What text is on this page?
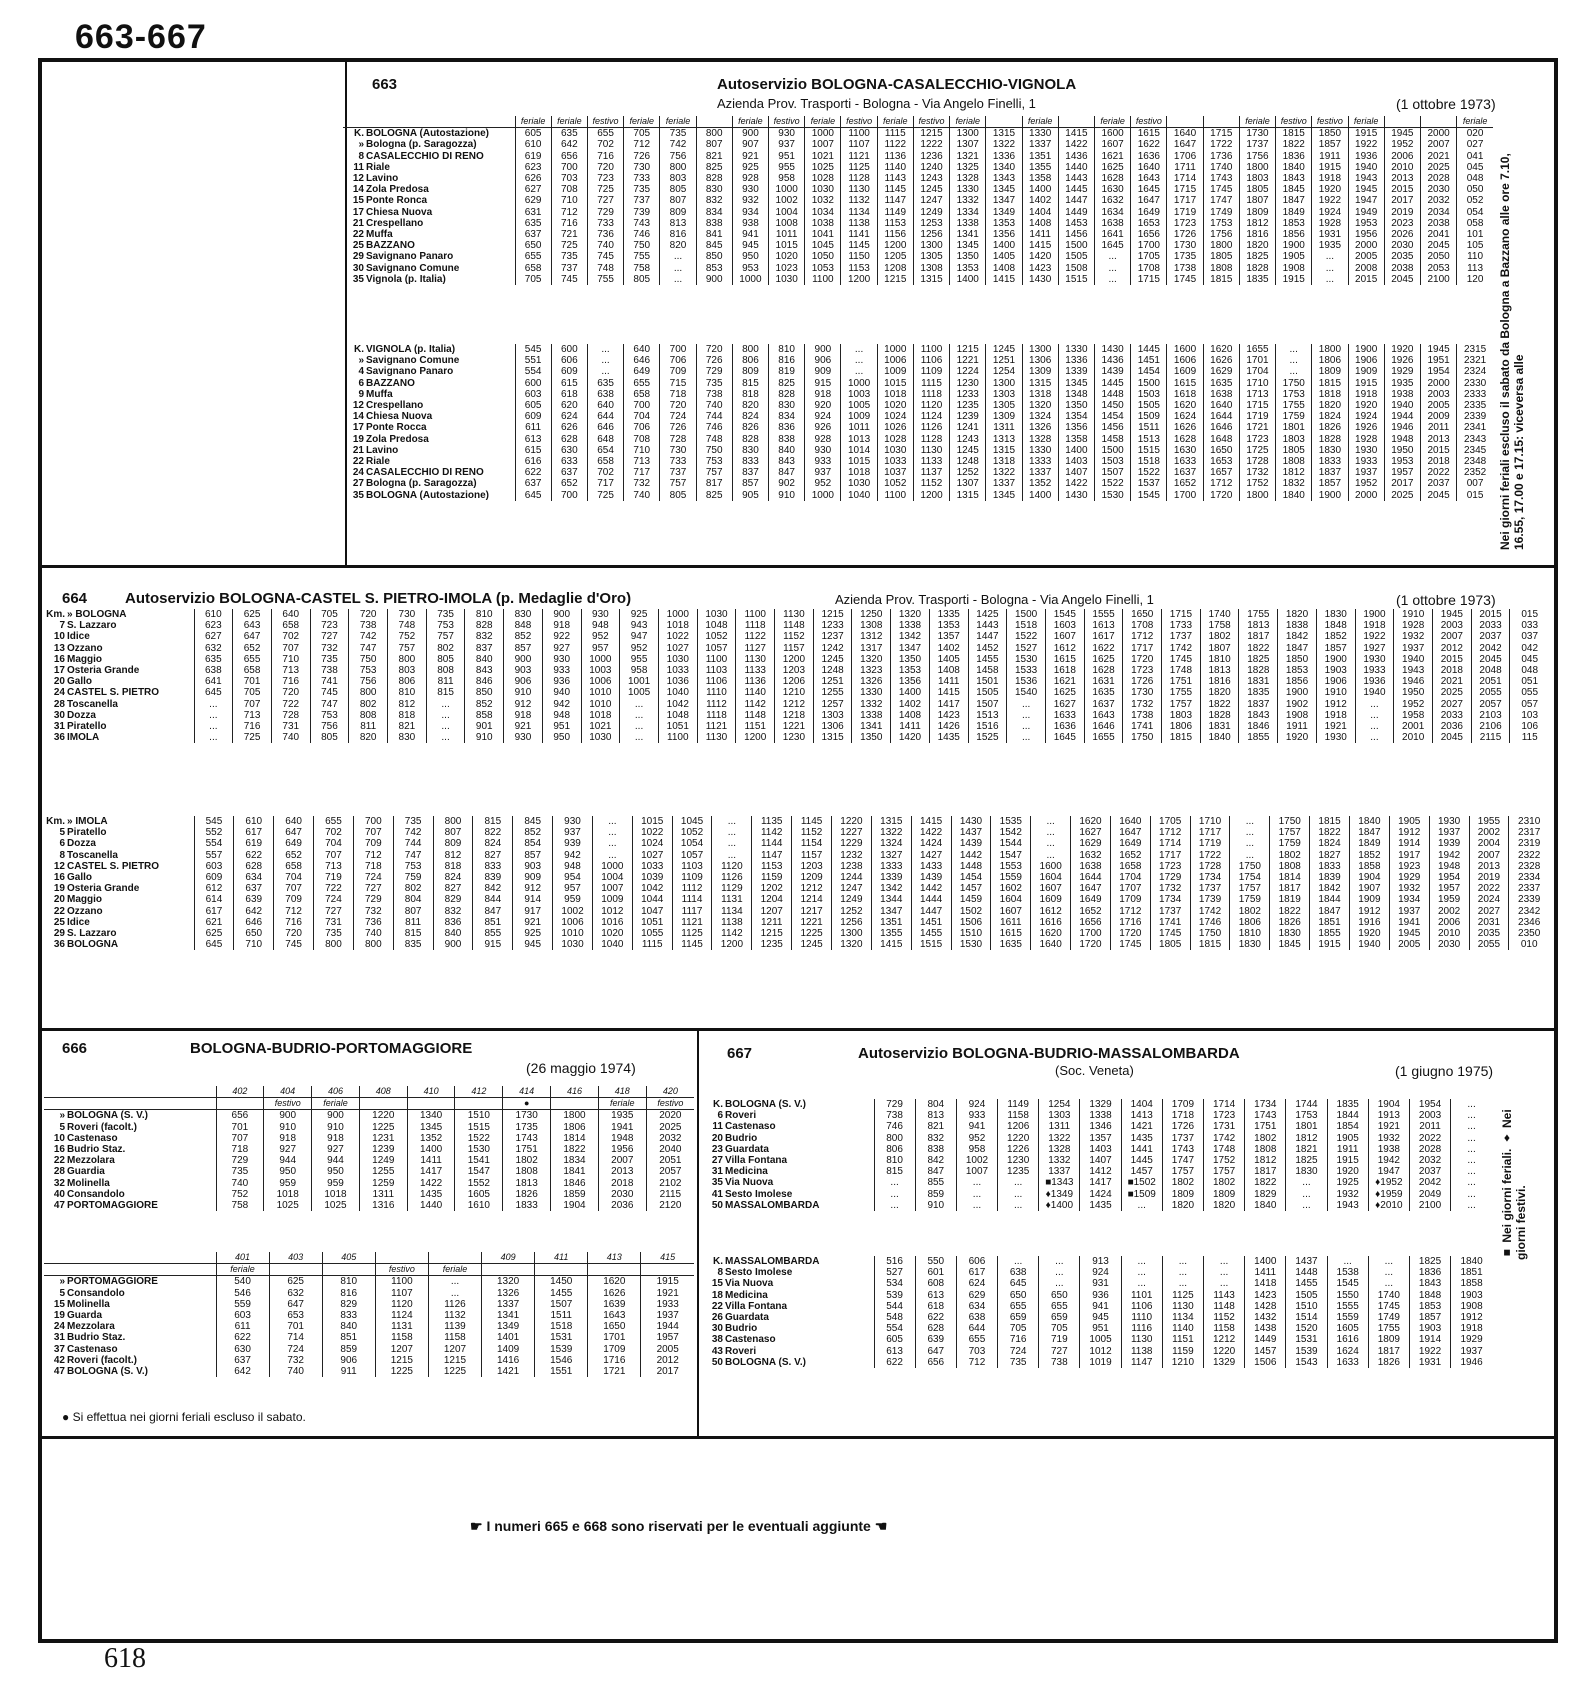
663-667
663	Autoservizio BOLOGNA-CASALECCHIO-VIGNOLA
Azienda Prov. Trasporti - Bologna - Via Angelo Finelli, 1	(1 ottobre 1973)
		feriale	feriale	festivo	feriale	feriale		feriale	festivo	feriale	festivo	feriale	festivo	feriale		feriale		feriale	festivo			feriale	festivo	festivo	feriale			feriale
K.	BOLOGNA (Autostazione)	605	635	655	705	735	800	900	930	1000	1100	1115	1215	1300	1315	1330	1415	1600	1615	1640	1715	1730	1815	1850	1915	1945	2000	020
»	Bologna (p. Saragozza)	610	642	702	712	742	807	907	937	1007	1107	1122	1222	1307	1322	1337	1422	1607	1622	1647	1722	1737	1822	1857	1922	1952	2007	027
8	CASALECCHIO DI RENO	619	656	716	726	756	821	921	951	1021	1121	1136	1236	1321	1336	1351	1436	1621	1636	1706	1736	1756	1836	1911	1936	2006	2021	041
11	Riale	623	700	720	730	800	825	925	955	1025	1125	1140	1240	1325	1340	1355	1440	1625	1640	1711	1740	1800	1840	1915	1940	2010	2025	045
12	Lavino	626	703	723	733	803	828	928	958	1028	1128	1143	1243	1328	1343	1358	1443	1628	1643	1714	1743	1803	1843	1918	1943	2013	2028	048
14	Zola Predosa	627	708	725	735	805	830	930	1000	1030	1130	1145	1245	1330	1345	1400	1445	1630	1645	1715	1745	1805	1845	1920	1945	2015	2030	050
15	Ponte Ronca	629	710	727	737	807	832	932	1002	1032	1132	1147	1247	1332	1347	1402	1447	1632	1647	1717	1747	1807	1847	1922	1947	2017	2032	052
17	Chiesa Nuova	631	712	729	739	809	834	934	1004	1034	1134	1149	1249	1334	1349	1404	1449	1634	1649	1719	1749	1809	1849	1924	1949	2019	2034	054
21	Crespellano	635	716	733	743	813	838	938	1008	1038	1138	1153	1253	1338	1353	1408	1453	1638	1653	1723	1753	1812	1853	1928	1953	2023	2038	058
22	Muffa	637	721	736	746	816	841	941	1011	1041	1141	1156	1256	1341	1356	1411	1456	1641	1656	1726	1756	1816	1856	1931	1956	2026	2041	101
25	BAZZANO	650	725	740	750	820	845	945	1015	1045	1145	1200	1300	1345	1400	1415	1500	1645	1700	1730	1800	1820	1900	1935	2000	2030	2045	105
29	Savignano Panaro	655	735	745	755	...	850	950	1020	1050	1150	1205	1305	1350	1405	1420	1505	...	1705	1735	1805	1825	1905	...	2005	2035	2050	110
30	Savignano Comune	658	737	748	758	...	853	953	1023	1053	1153	1208	1308	1353	1408	1423	1508	...	1708	1738	1808	1828	1908	...	2008	2038	2053	113
35	Vignola (p. Italia)	705	745	755	805	...	900	1000	1030	1100	1200	1215	1315	1400	1415	1430	1515	...	1715	1745	1815	1835	1915	...	2015	2045	2100	120
K.	VIGNOLA (p. Italia)	545	600	...	640	700	720	800	810	900	...	1000	1100	1215	1245	1300	1330	1430	1445	1600	1620	1655	...	1800	1900	1920	1945	2315
»	Savignano Comune	551	606	...	646	706	726	806	816	906	...	1006	1106	1221	1251	1306	1336	1436	1451	1606	1626	1701	...	1806	1906	1926	1951	2321
4	Savignano Panaro	554	609	...	649	709	729	809	819	909	...	1009	1109	1224	1254	1309	1339	1439	1454	1609	1629	1704	...	1809	1909	1929	1954	2324
6	BAZZANO	600	615	635	655	715	735	815	825	915	1000	1015	1115	1230	1300	1315	1345	1445	1500	1615	1635	1710	1750	1815	1915	1935	2000	2330
9	Muffa	603	618	638	658	718	738	818	828	918	1003	1018	1118	1233	1303	1318	1348	1448	1503	1618	1638	1713	1753	1818	1918	1938	2003	2333
12	Crespellano	605	620	640	700	720	740	820	830	920	1005	1020	1120	1235	1305	1320	1350	1450	1505	1620	1640	1715	1755	1820	1920	1940	2005	2335
14	Chiesa Nuova	609	624	644	704	724	744	824	834	924	1009	1024	1124	1239	1309	1324	1354	1454	1509	1624	1644	1719	1759	1824	1924	1944	2009	2339
17	Ponte Rocca	611	626	646	706	726	746	826	836	926	1011	1026	1126	1241	1311	1326	1356	1456	1511	1626	1646	1721	1801	1826	1926	1946	2011	2341
19	Zola Predosa	613	628	648	708	728	748	828	838	928	1013	1028	1128	1243	1313	1328	1358	1458	1513	1628	1648	1723	1803	1828	1928	1948	2013	2343
21	Lavino	615	630	654	710	730	750	830	840	930	1014	1030	1130	1245	1315	1330	1400	1500	1515	1630	1650	1725	1805	1830	1930	1950	2015	2345
22	Riale	616	633	658	713	733	753	833	843	933	1015	1033	1133	1248	1318	1333	1403	1503	1518	1633	1653	1728	1808	1833	1933	1953	2018	2348
24	CASALECCHIO DI RENO	622	637	702	717	737	757	837	847	937	1018	1037	1137	1252	1322	1337	1407	1507	1522	1637	1657	1732	1812	1837	1937	1957	2022	2352
27	Bologna (p. Saragozza)	637	652	717	732	757	817	857	902	952	1030	1052	1152	1307	1337	1352	1422	1522	1537	1652	1712	1752	1832	1857	1952	2017	2037	007
35	BOLOGNA (Autostazione)	645	700	725	740	805	825	905	910	1000	1040	1100	1200	1315	1345	1400	1430	1530	1545	1700	1720	1800	1840	1900	2000	2025	2045	015 Nei giorni feriali escluso il sabato da Bologna a Bazzano alle ore 7.10, 16.55, 17.00 e 17.15: viceversa alle
664	Autoservizio BOLOGNA-CASTEL S. PIETRO-IMOLA (p. Medaglie d'Oro)	Azienda Prov. Trasporti - Bologna - Via Angelo Finelli, 1	(1 ottobre 1973)
Km.	» BOLOGNA	610	625	640	705	720	730	735	810	830	900	930	925	1000	1030	1100	1130	1215	1250	1320	1335	1425	1500	1545	1555	1650	1715	1740	1755	1820	1830	1900	1910	1945	2015	015
7	S. Lazzaro	623	643	658	723	738	748	753	828	848	918	948	943	1018	1048	1118	1148	1233	1308	1338	1353	1443	1518	1603	1613	1708	1733	1758	1813	1838	1848	1918	1928	2003	2033	033
10	Idice	627	647	702	727	742	752	757	832	852	922	952	947	1022	1052	1122	1152	1237	1312	1342	1357	1447	1522	1607	1617	1712	1737	1802	1817	1842	1852	1922	1932	2007	2037	037
13	Ozzano	632	652	707	732	747	757	802	837	857	927	957	952	1027	1057	1127	1157	1242	1317	1347	1402	1452	1527	1612	1622	1717	1742	1807	1822	1847	1857	1927	1937	2012	2042	042
16	Maggio	635	655	710	735	750	800	805	840	900	930	1000	955	1030	1100	1130	1200	1245	1320	1350	1405	1455	1530	1615	1625	1720	1745	1810	1825	1850	1900	1930	1940	2015	2045	045
17	Osteria Grande	638	658	713	738	753	803	808	843	903	933	1003	958	1033	1103	1133	1203	1248	1323	1353	1408	1458	1533	1618	1628	1723	1748	1813	1828	1853	1903	1933	1943	2018	2048	048
20	Gallo	641	701	716	741	756	806	811	846	906	936	1006	1001	1036	1106	1136	1206	1251	1326	1356	1411	1501	1536	1621	1631	1726	1751	1816	1831	1856	1906	1936	1946	2021	2051	051
24	CASTEL S. PIETRO	645	705	720	745	800	810	815	850	910	940	1010	1005	1040	1110	1140	1210	1255	1330	1400	1415	1505	1540	1625	1635	1730	1755	1820	1835	1900	1910	1940	1950	2025	2055	055
28	Toscanella	...	707	722	747	802	812	...	852	912	942	1010	...	1042	1112	1142	1212	1257	1332	1402	1417	1507	...	1627	1637	1732	1757	1822	1837	1902	1912	...	1952	2027	2057	057
30	Dozza	...	713	728	753	808	818	...	858	918	948	1018	...	1048	1118	1148	1218	1303	1338	1408	1423	1513	...	1633	1643	1738	1803	1828	1843	1908	1918	...	1958	2033	2103	103
31	Piratello	...	716	731	756	811	821	...	901	921	951	1021	...	1051	1121	1151	1221	1306	1341	1411	1426	1516	...	1636	1646	1741	1806	1831	1846	1911	1921	...	2001	2036	2106	106
36	IMOLA	...	725	740	805	820	830	...	910	930	950	1030	...	1100	1130	1200	1230	1315	1350	1420	1435	1525	...	1645	1655	1750	1815	1840	1855	1920	1930	...	2010	2045	2115	115
Km.	» IMOLA	545	610	640	655	700	735	800	815	845	930	...	1015	1045	...	1135	1145	1220	1315	1415	1430	1535	...	1620	1640	1705	1710	...	1750	1815	1840	1905	1930	1955	2310
5	Piratello	552	617	647	702	707	742	807	822	852	937	...	1022	1052	...	1142	1152	1227	1322	1422	1437	1542	...	1627	1647	1712	1717	...	1757	1822	1847	1912	1937	2002	2317
6	Dozza	554	619	649	704	709	744	809	824	854	939	...	1024	1054	...	1144	1154	1229	1324	1424	1439	1544	...	1629	1649	1714	1719	...	1759	1824	1849	1914	1939	2004	2319
8	Toscanella	557	622	652	707	712	747	812	827	857	942	...	1027	1057	...	1147	1157	1232	1327	1427	1442	1547	...	1632	1652	1717	1722	...	1802	1827	1852	1917	1942	2007	2322
12	CASTEL S. PIETRO	603	628	658	713	718	753	818	833	903	948	1000	1033	1103	1120	1153	1203	1238	1333	1433	1448	1553	1600	1638	1658	1723	1728	1750	1808	1833	1858	1923	1948	2013	2328
16	Gallo	609	634	704	719	724	759	824	839	909	954	1004	1039	1109	1126	1159	1209	1244	1339	1439	1454	1559	1604	1644	1704	1729	1734	1754	1814	1839	1904	1929	1954	2019	2334
19	Osteria Grande	612	637	707	722	727	802	827	842	912	957	1007	1042	1112	1129	1202	1212	1247	1342	1442	1457	1602	1607	1647	1707	1732	1737	1757	1817	1842	1907	1932	1957	2022	2337
20	Maggio	614	639	709	724	729	804	829	844	914	959	1009	1044	1114	1131	1204	1214	1249	1344	1444	1459	1604	1609	1649	1709	1734	1739	1759	1819	1844	1909	1934	1959	2024	2339
22	Ozzano	617	642	712	727	732	807	832	847	917	1002	1012	1047	1117	1134	1207	1217	1252	1347	1447	1502	1607	1612	1652	1712	1737	1742	1802	1822	1847	1912	1937	2002	2027	2342
25	Idice	621	646	716	731	736	811	836	851	921	1006	1016	1051	1121	1138	1211	1221	1256	1351	1451	1506	1611	1616	1656	1716	1741	1746	1806	1826	1851	1916	1941	2006	2031	2346
29	S. Lazzaro	625	650	720	735	740	815	840	855	925	1010	1020	1055	1125	1142	1215	1225	1300	1355	1455	1510	1615	1620	1700	1720	1745	1750	1810	1830	1855	1920	1945	2010	2035	2350
36	BOLOGNA	645	710	745	800	800	835	900	915	945	1030	1040	1115	1145	1200	1235	1245	1320	1415	1515	1530	1635	1640	1720	1745	1805	1815	1830	1845	1915	1940	2005	2030	2055	010
666	BOLOGNA-BUDRIO-PORTOMAGGIORE
(26 maggio 1974)
		402	404	406	408	410	412	414	416	418	420
			festivo	feriale				●		feriale	festivo
»	BOLOGNA (S. V.)	656	900	900	1220	1340	1510	1730	1800	1935	2020
5	Roveri (facolt.)	701	910	910	1225	1345	1515	1735	1806	1941	2025
10	Castenaso	707	918	918	1231	1352	1522	1743	1814	1948	2032
16	Budrio Staz.	718	927	927	1239	1400	1530	1751	1822	1956	2040
22	Mezzolara	729	944	944	1249	1411	1541	1802	1834	2007	2051
28	Guardia	735	950	950	1255	1417	1547	1808	1841	2013	2057
32	Molinella	740	959	959	1259	1422	1552	1813	1846	2018	2102
40	Consandolo	752	1018	1018	1311	1435	1605	1826	1859	2030	2115
47	PORTOMAGGIORE	758	1025	1025	1316	1440	1610	1833	1904	2036	2120
		401	403	405			409	411	413	415
		feriale			festivo	feriale				
»	PORTOMAGGIORE	540	625	810	1100	...	1320	1450	1620	1915
5	Consandolo	546	632	816	1107	...	1326	1455	1626	1921
15	Molinella	559	647	829	1120	1126	1337	1507	1639	1933
19	Guarda	603	653	833	1124	1132	1341	1511	1643	1937
24	Mezzolara	611	701	840	1131	1139	1349	1518	1650	1944
31	Budrio Staz.	622	714	851	1158	1158	1401	1531	1701	1957
37	Castenaso	630	724	859	1207	1207	1409	1539	1709	2005
42	Roveri (facolt.)	637	732	906	1215	1215	1416	1546	1716	2012
47	BOLOGNA (S. V.)	642	740	911	1225	1225	1421	1551	1721	2017
● Si effettua nei giorni feriali escluso il sabato.
667	Autoservizio BOLOGNA-BUDRIO-MASSALOMBARDA
(Soc. Veneta)	(1 giugno 1975)
K.	BOLOGNA (S. V.)	729	804	924	1149	1254	1329	1404	1709	1714	1734	1744	1835	1904	1954	...
6	Roveri	738	813	933	1158	1303	1338	1413	1718	1723	1743	1753	1844	1913	2003	...
11	Castenaso	746	821	941	1206	1311	1346	1421	1726	1731	1751	1801	1854	1921	2011	...
20	Budrio	800	832	952	1220	1322	1357	1435	1737	1742	1802	1812	1905	1932	2022	...
23	Guardata	806	838	958	1226	1328	1403	1441	1743	1748	1808	1821	1911	1938	2028	...
27	Villa Fontana	810	842	1002	1230	1332	1407	1445	1747	1752	1812	1825	1915	1942	2032	...
31	Medicina	815	847	1007	1235	1337	1412	1457	1757	1757	1817	1830	1920	1947	2037	...
35	Via Nuova	...	855	...	...	■1343	1417	■1502	1802	1802	1822	...	1925	♦1952	2042	...
41	Sesto Imolese	...	859	...	...	♦1349	1424	■1509	1809	1809	1829	...	1932	♦1959	2049	...
50	MASSALOMBARDA	...	910	...	...	♦1400	1435	...	1820	1820	1840	...	1943	♦2010	2100	...
K.	MASSALOMBARDA	516	550	606	...	...	913	...	...	...	1400	1437	...	...	1825	1840
8	Sesto Imolese	527	601	617	638	...	924	...	...	...	1411	1448	1538	...	1836	1851
15	Via Nuova	534	608	624	645	...	931	...	...	...	1418	1455	1545	...	1843	1858
18	Medicina	539	613	629	650	650	936	1101	1125	1143	1423	1505	1550	1740	1848	1903
22	Villa Fontana	544	618	634	655	655	941	1106	1130	1148	1428	1510	1555	1745	1853	1908
26	Guardata	548	622	638	659	659	945	1110	1134	1152	1432	1514	1559	1749	1857	1912
30	Budrio	554	628	644	705	705	951	1116	1140	1158	1438	1520	1605	1755	1903	1918
38	Castenaso	605	639	655	716	719	1005	1130	1151	1212	1449	1531	1616	1809	1914	1929
43	Roveri	613	647	703	724	727	1012	1138	1159	1220	1457	1539	1624	1817	1922	1937
50	BOLOGNA (S. V.)	622	656	712	735	738	1019	1147	1210	1329	1506	1543	1633	1826	1931	1946
■ Nei giorni feriali. ♦ Nei giorni festivi.
☛ I numeri 665 e 668 sono riservati per le eventuali aggiunte ☚
618
